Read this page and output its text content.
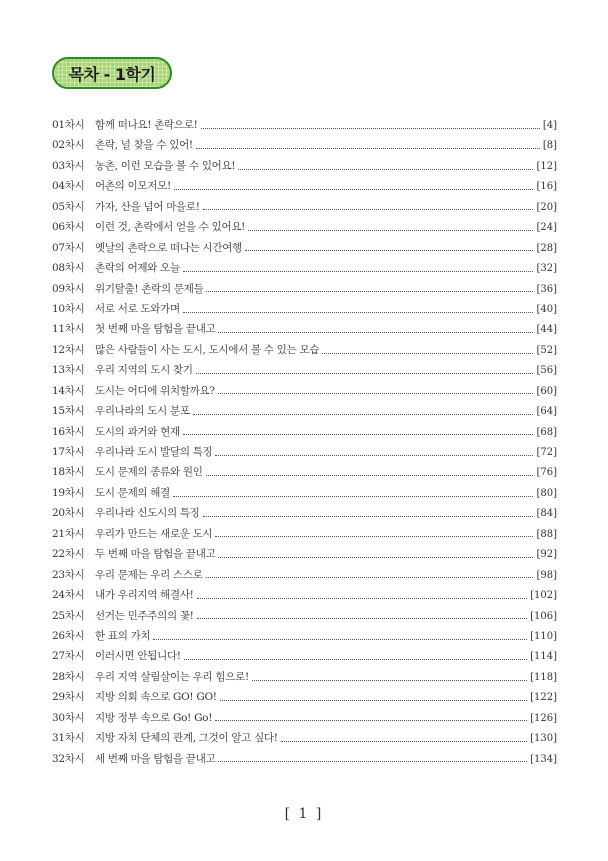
목차 - 1학기
01차시	함께 떠나요! 촌락으로!	[4]
02차시	촌락, 널 찾을 수 있어!	[8]
03차시	농촌, 이런 모습을 볼 수 있어요!	[12]
04차시	어촌의 이모저모!	[16]
05차시	가자, 산을 넘어 마을로!	[20]
06차시	이런 것, 촌락에서 얻을 수 있어요!	[24]
07차시	옛날의 촌락으로 떠나는 시간여행	[28]
08차시	촌락의 어제와 오늘	[32]
09차시	위기탈출! 촌락의 문제들	[36]
10차시	서로 서로 도와가며	[40]
11차시	첫 번째 마을 탐험을 끝내고	[44]
12차시	많은 사람들이 사는 도시, 도시에서 볼 수 있는 모습	[52]
13차시	우리 지역의 도시 찾기	[56]
14차시	도시는 어디에 위치할까요?	[60]
15차시	우리나라의 도시 분포	[64]
16차시	도시의 과거와 현재	[68]
17차시	우리나라 도시 발달의 특징	[72]
18차시	도시 문제의 종류와 원인	[76]
19차시	도시 문제의 해결	[80]
20차시	우리나라 신도시의 특징	[84]
21차시	우리가 만드는 새로운 도시	[88]
22차시	두 번째 마을 탐험을 끝내고	[92]
23차시	우리 문제는 우리 스스로	[98]
24차시	내가 우리지역 해결사!	[102]
25차시	선거는 민주주의의 꽃!	[106]
26차시	한 표의 가치	[110]
27차시	이러시면 안됩니다!	[114]
28차시	우리 지역 살림살이는 우리 힘으로!	[118]
29차시	지방 의회 속으로 GO! GO!	[122]
30차시	지방 정부 속으로 Go! Go!	[126]
31차시	지방 자치 단체의 관계, 그것이 알고 싶다!	[130]
32차시	세 번째 마을 탐험을 끝내고	[134]
[ 1 ]
